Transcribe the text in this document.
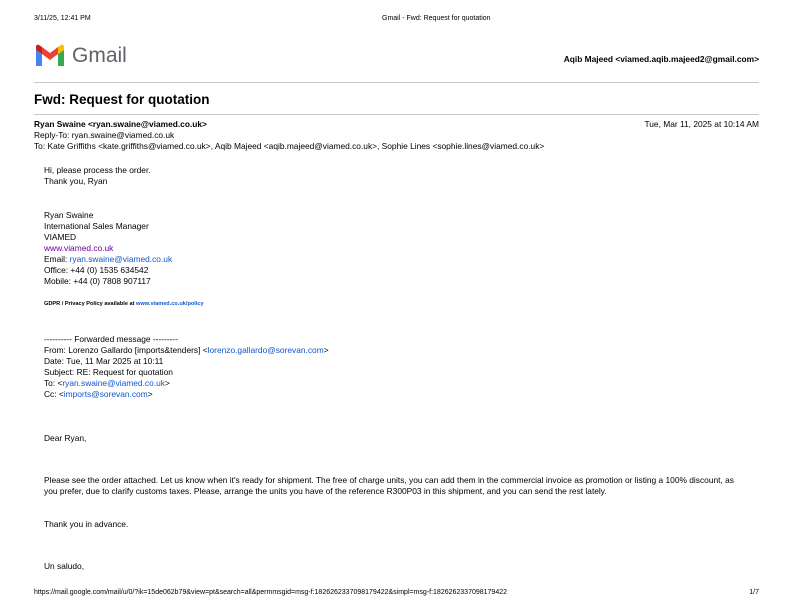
3/11/25, 12:41 PM	Gmail - Fwd: Request for quotation
Gmail	Aqib Majeed <viamed.aqib.majeed2@gmail.com>
Fwd: Request for quotation
Ryan Swaine <ryan.swaine@viamed.co.uk>	Tue, Mar 11, 2025 at 10:14 AM
Reply-To: ryan.swaine@viamed.co.uk
To: Kate Griffiths <kate.griffiths@viamed.co.uk>, Aqib Majeed <aqib.majeed@viamed.co.uk>, Sophie Lines <sophie.lines@viamed.co.uk>
Hi, please process the order.
Thank you, Ryan
Ryan Swaine
International Sales Manager
VIAMED
www.viamed.co.uk
Email: ryan.swaine@viamed.co.uk
Office: +44 (0) 1535 634542
Mobile: +44 (0) 7808 907117
GDPR / Privacy Policy available at www.viamed.co.uk/policy
---------- Forwarded message ---------
From: Lorenzo Gallardo [imports&tenders] <lorenzo.gallardo@sorevan.com>
Date: Tue, 11 Mar 2025 at 10:11
Subject: RE: Request for quotation
To: <ryan.swaine@viamed.co.uk>
Cc: <imports@sorevan.com>
Dear Ryan,
Please see the order attached. Let us know when it's ready for shipment. The free of charge units, you can add them in the commercial invoice as promotion or listing a 100% discount, as you prefer, due to clarify customs taxes. Please, arrange the units you have of the reference R300P03 in this shipment, and you can send the rest lately.
Thank you in advance.
Un saludo,
https://mail.google.com/mail/u/0/?ik=15de062b79&view=pt&search=all&permmsgid=msg-f:1826262337098179422&simpl=msg-f:1826262337098179422	1/7
